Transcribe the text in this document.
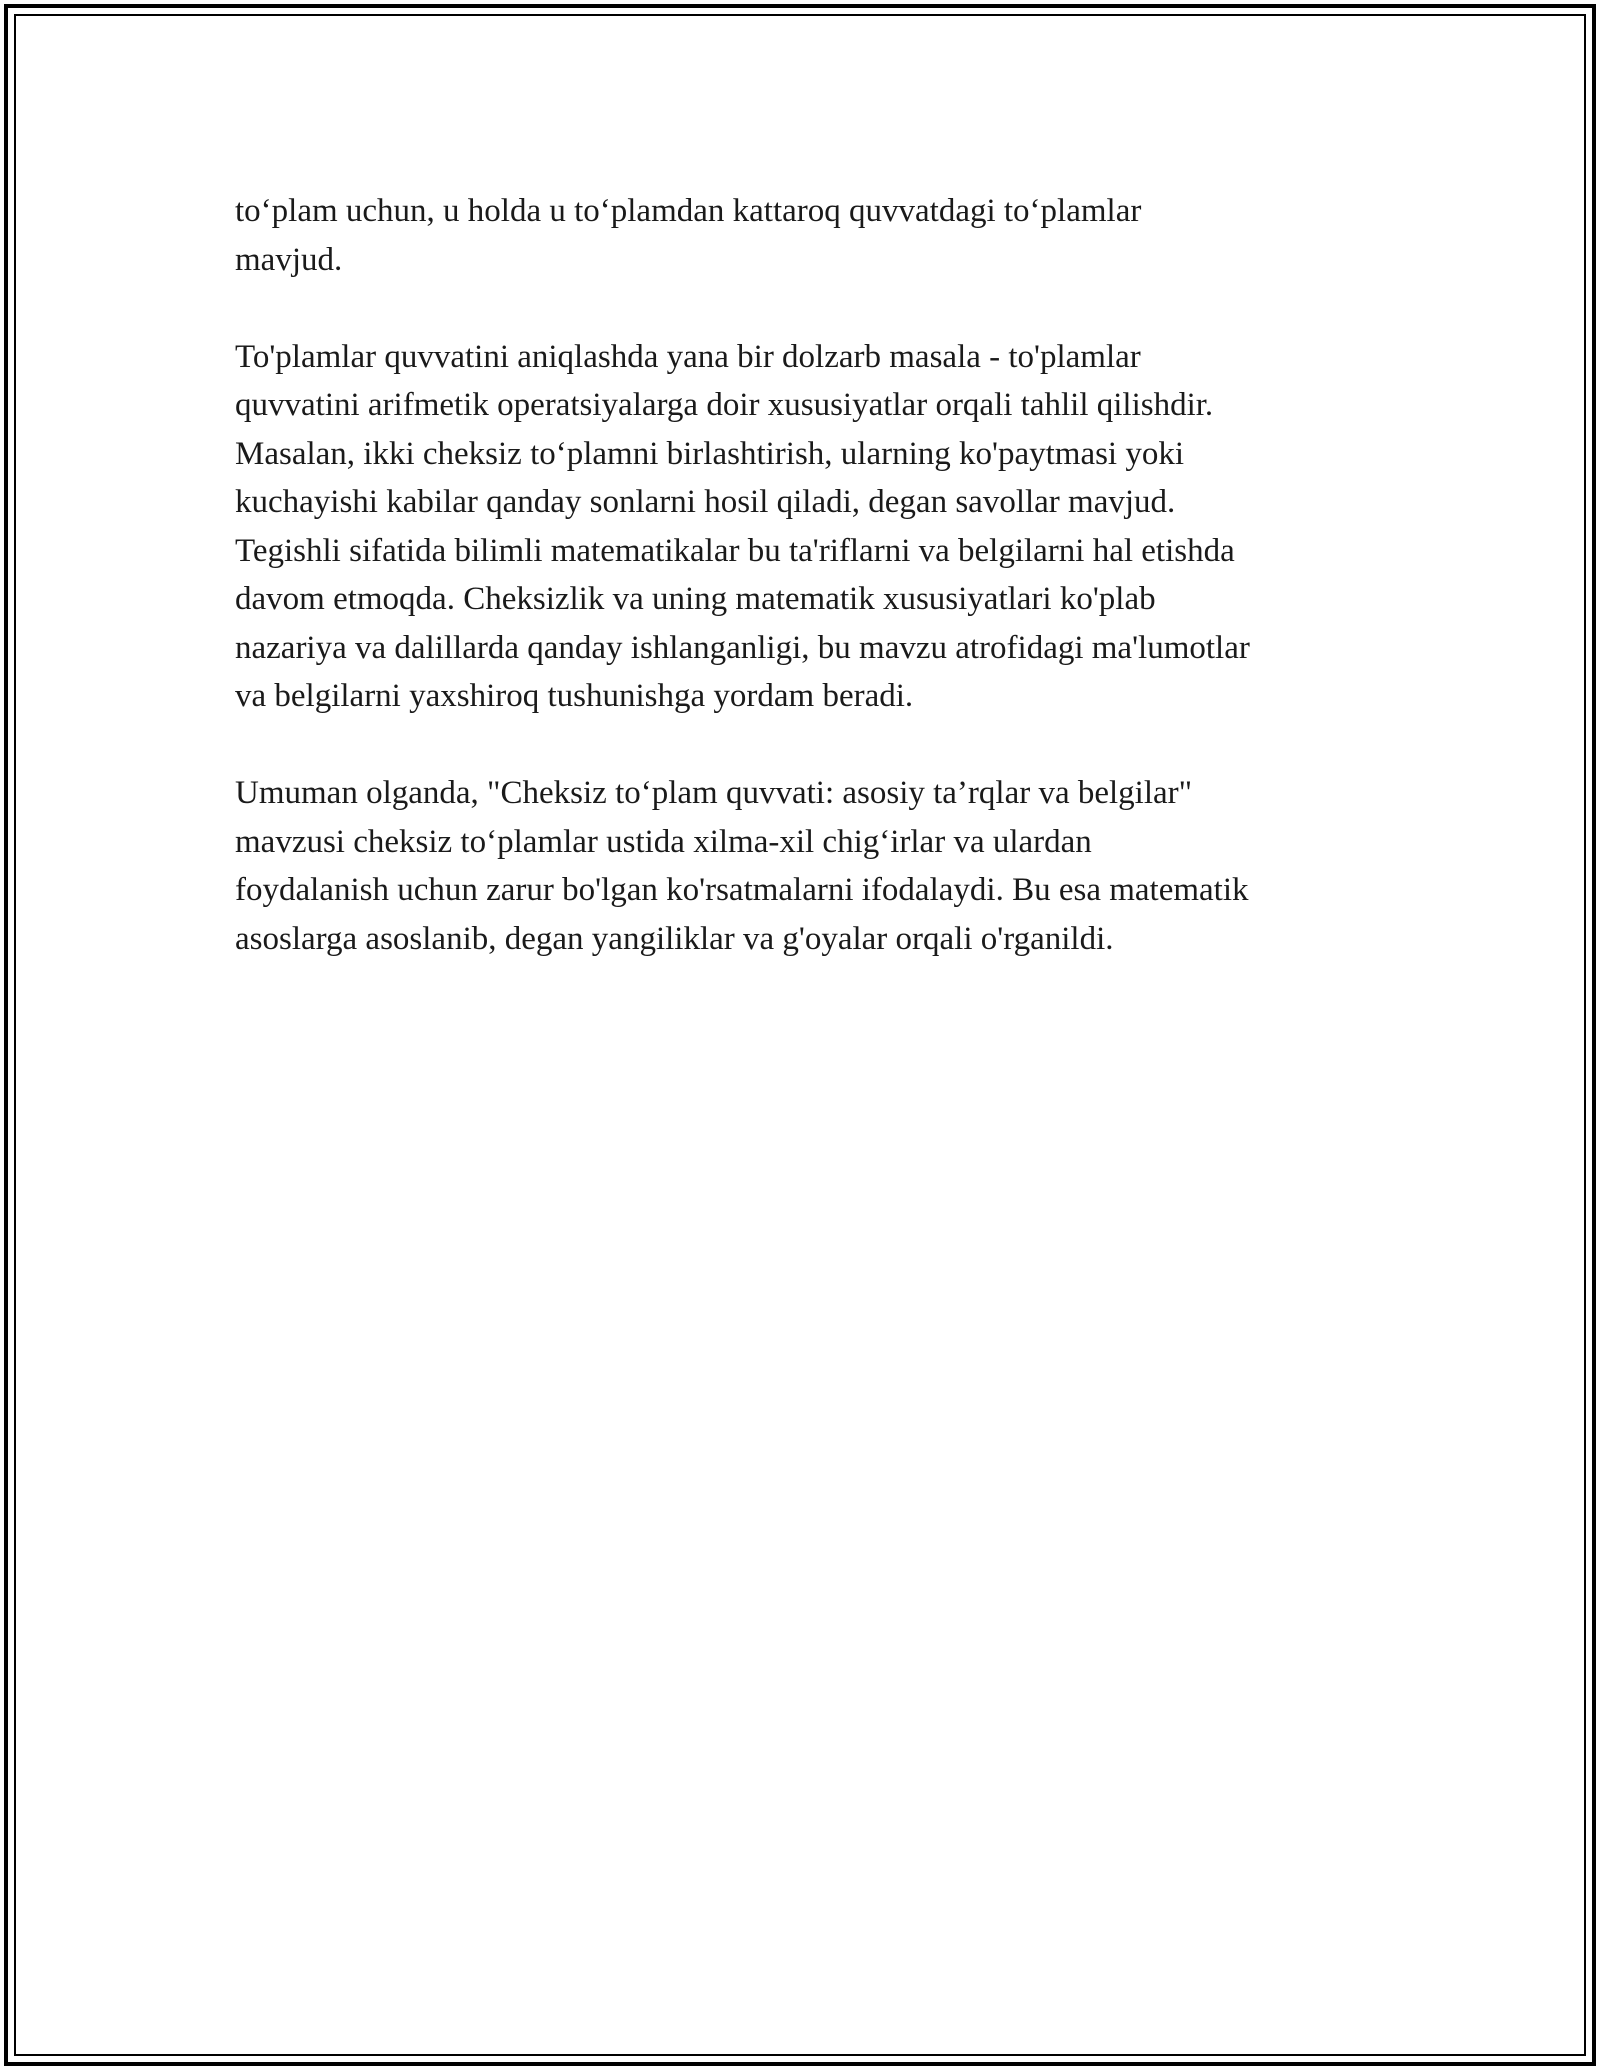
to‘plam uchun, u holda u to‘plamdan kattaroq quvvatdagi to‘plamlar
mavjud.

To'plamlar quvvatini aniqlashda yana bir dolzarb masala - to'plamlar
quvvatini arifmetik operatsiyalarga doir xususiyatlar orqali tahlil qilishdir.
Masalan, ikki cheksiz to‘plamni birlashtirish, ularning ko'paytmasi yoki
kuchayishi kabilar qanday sonlarni hosil qiladi, degan savollar mavjud.
Tegishli sifatida bilimli matematikalar bu ta'riflarni va belgilarni hal etishda
davom etmoqda. Cheksizlik va uning matematik xususiyatlari ko'plab
nazariya va dalillarda qanday ishlanganligi, bu mavzu atrofidagi ma'lumotlar
va belgilarni yaxshiroq tushunishga yordam beradi.

Umuman olganda, "Cheksiz to‘plam quvvati: asosiy ta’rqlar va belgilar"
mavzusi cheksiz to‘plamlar ustida xilma-xil chig‘irlar va ulardan
foydalanish uchun zarur bo'lgan ko'rsatmalarni ifodalaydi. Bu esa matematik
asoslarga asoslanib, degan yangiliklar va g'oyalar orqali o'rganildi.
